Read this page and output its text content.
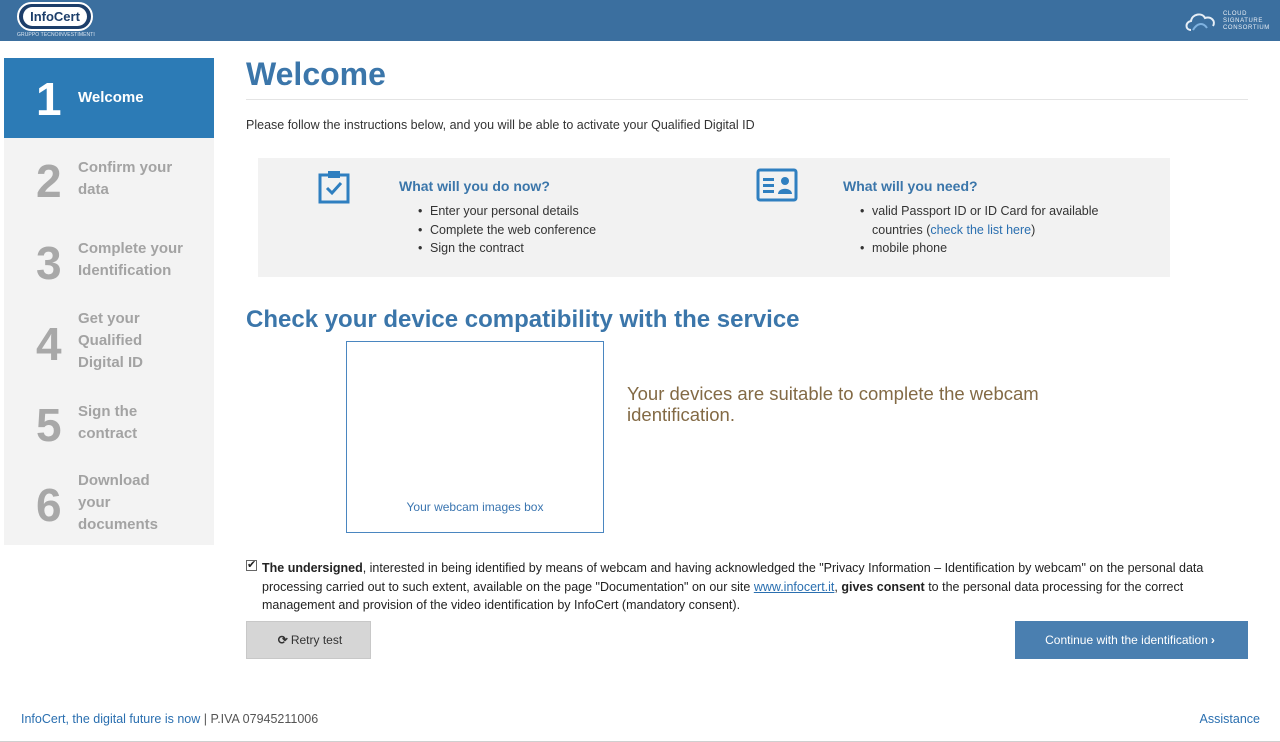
InfoCert
GRUPPO TECNOINVESTIMENTI
CLOUD
SIGNATURE
CONSORTIUM
1 Welcome
2 Confirm your data
3 Complete your Identification
4 Get your Qualified Digital ID
5 Sign the contract
6 Download your documents
Welcome
Please follow the instructions below, and you will be able to activate your Qualified Digital ID
What will you do now?
• Enter your personal details
• Complete the web conference
• Sign the contract
What will you need?
• valid Passport ID or ID Card for available countries (check the list here)
• mobile phone
Check your device compatibility with the service
Your webcam images box
Your devices are suitable to complete the webcam identification.
✔
The undersigned, interested in being identified by means of webcam and having acknowledged the "Privacy Information – Identification by webcam" on the personal data processing carried out to such extent, available on the page "Documentation" on our site www.infocert.it, gives consent to the personal data processing for the correct management and provision of the video identification by InfoCert (mandatory consent).
⟳ Retry test	Continue with the identification ›
InfoCert, the digital future is now | P.IVA 07945211006	Assistance
